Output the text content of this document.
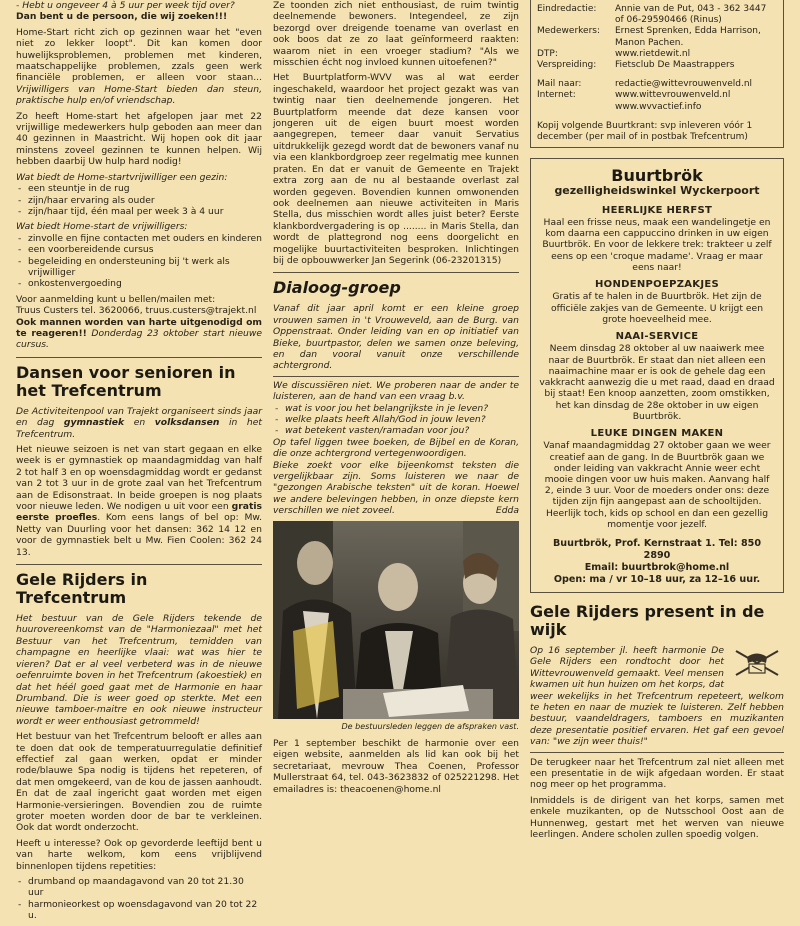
- Hebt u ongeveer 4 à 5 uur per week tijd over?

Dan bent u de persoon, die wij zoeken!!!

Home-Start richt zich op gezinnen waar het "even niet zo lekker loopt". Dit kan komen door huwelijksproblemen, problemen met kinderen, maatschappelijke problemen, zzals geen werk financiële problemen, er alleen voor staan... Vrijwilligers van Home-Start bieden dan steun, praktische hulp en/of vriendschap.

Zo heeft Home-start het afgelopen jaar met 22 vrijwillige medewerkers hulp geboden aan meer dan 40 gezinnen in Maastricht. Wij hopen ook dit jaar minstens zoveel gezinnen te kunnen helpen. Wij hebben daarbij Uw hulp hard nodig!

Wat biedt de Home-startvrijwilliger een gezin:
- een steuntje in de rug
- zijn/haar ervaring als ouder
- zijn/haar tijd, één maal per week 3 à 4 uur
Wat biedt Home-start de vrijwilligers:
- zinvolle en fijne contacten met ouders en kinderen
- een voorbereidende cursus
- begeleiding en ondersteuning bij 't werk als vrijwilliger
- onkostenvergoeding
Voor aanmelding kunt u bellen/mailen met:
Truus Custers tel. 3620066, truus.custers@trajekt.nl

Ook mannen worden van harte uitgenodigd om te reageren!! Donderdag 23 oktober start nieuwe cursus.

Dansen voor senioren in het Trefcentrum

De Activiteitenpool van Trajekt organiseert sinds jaar en dag gymnastiek en volksdansen in het Trefcentrum.

Het nieuwe seizoen is net van start gegaan en elke week is er gymnastiek op maandagmiddag van half 2 tot half 3 en op woensdagmiddag wordt er gedanst van 2 tot 3 uur in de grote zaal van het Trefcentrum aan de Edisonstraat. In beide groepen is nog plaats voor nieuwe leden. We nodigen u uit voor een gratis eerste proefles. Kom eens langs of bel op: Mw. Netty van Duurling voor het dansen: 362 14 12 en voor de gymnastiek belt u Mw. Fien Coolen: 362 24 13.

Gele Rijders in Trefcentrum

Het bestuur van de Gele Rijders tekende de huurovereenkomst van de "Harmoniezaal" met het Bestuur van het Trefcentrum, temidden van champagne en heerlijke vlaai: wat was hier te vieren? Dat er al veel verbeterd was in de nieuwe oefenruimte boven in het Trefcentrum (akoestiek) en dat het héél goed gaat met de Harmonie en haar Drumband. Die is weer goed op sterkte. Met een nieuwe tamboer-maitre en ook nieuwe instructeur wordt er weer enthousiast getrommeld!

Het bestuur van het Trefcentrum belooft er alles aan te doen dat ook de temperatuurregulatie definitief effectief zal gaan werken, opdat er minder rode/blauwe Spa nodig is tijdens het repeteren, of dat men omgekeerd, van de kou de jassen aanhoudt. En dat de zaal ingericht gaat worden met eigen Harmonie-versieringen. Bovendien zou de ruimte groter moeten worden door de bar te verkleinen. Ook dat wordt onderzocht.

Heeft u interesse? Ook op gevorderde leeftijd bent u van harte welkom, kom eens vrijblijvend binnenlopen tijdens repetities:

- drumband op maandagavond van 20 tot 21.30 uur
- harmonieorkest op woensdagavond van 20 tot 22 u.

Ze toonden zich niet enthousiast, de ruim twintig deelnemende bewoners. Integendeel, ze zijn bezorgd over dreigende toename van overlast en ook boos dat ze zo laat geïnformeerd raakten: waarom niet in een vroeger stadium? "Als we misschien écht nog invloed kunnen uitoefenen?"

Het Buurtplatform-WVV was al wat eerder ingeschakeld, waardoor het project gezakt was van twintig naar tien deelnemende jongeren. Het Buurtplatform meende dat deze kansen voor jongeren uit de eigen buurt moest worden aangegrepen, temeer daar vanuit Servatius uitdrukkelijk gezegd wordt dat de bewoners vanaf nu via een klankbordgroep zeer regelmatig mee kunnen praten. En dat er vanuit de Gemeente en Trajekt extra zorg aan de nu al bestaande overlast zal worden gegeven. Bovendien kunnen omwonenden ook deelnemen aan nieuwe activiteiten in Maris Stella, dus misschien wordt alles juist beter? Eerste klankbordvergadering is op ........ in Maris Stella, dan wordt de plattegrond nog eens doorgelicht en mogelijke buurtactiviteiten besproken. Inlichtingen bij de opbouwwerker Jan Segerink (06-23201315)

Dialoog-groep

Vanaf dit jaar april komt er een kleine groep vrouwen samen in 't Vrouweveld, aan de Burg. van Oppenstraat. Onder leiding van en op initiatief van Bieke, buurtpastor, delen we samen onze beleving, en dan vooral vanuit onze verschillende achtergrond.

We discussiëren niet. We proberen naar de ander te luisteren, aan de hand van een vraag b.v.

- wat is voor jou het belangrijkste in je leven?
- welke plaats heeft Allah/God in jouw leven?
- wat betekent vasten/ramadan voor jou?

Op tafel liggen twee boeken, de Bijbel en de Koran, die onze achtergrond vertegenwoordigen.

Bieke zoekt voor elke bijeenkomst teksten die vergelijkbaar zijn. Soms luisteren we naar de "gezongen Arabische teksten" uit de koran. Hoewel we andere belevingen hebben, in onze diepste kern verschillen we niet zoveel.	Edda

De bestuursleden leggen de afspraken vast.

Per 1 september beschikt de harmonie over een eigen website, aanmelden als lid kan ook bij het secretariaat, mevrouw Thea Coenen, Professor Mullerstraat 64, tel. 043-3623832 of 025221298. Het emailadres is: theacoenen@home.nl

Eindredactie:	Annie van de Put, 043 - 362 3447 of 06-29590466 (Rinus)
Medewerkers:	Ernest Sprenken, Edda Harrison, Manon Pachen.
DTP:	www.rietdewit.nl
Verspreiding:	Fietsclub De Maastrappers
Mail naar:	redactie@wittevrouwenveld.nl
Internet:	www.wittevrouwenveld.nl
www.wvvactief.info
Kopij volgende Buurtkrant: svp inleveren vóór 1 december (per mail of in postbak Trefcentrum)
Buurtbrök
gezelligheidswinkel Wyckerpoort
HEERLIJKE HERFST

Haal een frisse neus, maak een wandelingetje en kom daarna een cappuccino drinken in uw eigen Buurtbrök. En voor de lekkere trek: trakteer u zelf eens op een 'croque madame'. Vraag er maar eens naar!

HONDENPOEPZAKJES

Gratis af te halen in de Buurtbrök. Het zijn de officiële zakjes van de Gemeente. U krijgt een grote hoeveelheid mee.

NAAI-SERVICE

Neem dinsdag 28 oktober al uw naaiwerk mee naar de Buurtbrök. Er staat dan niet alleen een naaimachine maar er is ook de gehele dag een vakkracht aanwezig die u met raad, daad en draad bij staat! Een knoop aanzetten, zoom omstikken, het kan dinsdag de 28e oktober in uw eigen Buurtbrök.

LEUKE DINGEN MAKEN

Vanaf maandagmiddag 27 oktober gaan we weer creatief aan de gang. In de Buurtbrök gaan we onder leiding van vakkracht Annie weer echt mooie dingen voor uw huis maken. Aanvang half 2, einde 3 uur. Voor de moeders onder ons: deze tijden zijn fijn aangepast aan de schooltijden. Heerlijk toch, kids op school en dan een gezellig momentje voor jezelf.

Buurtbrök, Prof. Kernstraat 1. Tel: 850 2890
Email: buurtbrok@home.nl
Open: ma / vr 10–18 uur, za 12–16 uur.
Gele Rijders present in de wijk

Op 16 september jl. heeft harmonie De Gele Rijders een rondtocht door het Wittevrouwenveld gemaakt. Veel mensen kwamen uit hun huizen om het korps, dat weer wekelijks in het Trefcentrum repeteert, welkom te heten en naar de muziek te luisteren. Zelf hebben bestuur, vaandeldragers, tamboers en muzikanten deze presentatie positief ervaren. Het gaf een gevoel van: "we zijn weer thuis!"

De terugkeer naar het Trefcentrum zal niet alleen met een presentatie in de wijk afgedaan worden. Er staat nog meer op het programma.

Inmiddels is de dirigent van het korps, samen met enkele muzikanten, op de Nutsschool Oost aan de Hunnenweg, gestart met het werven van nieuwe leerlingen. Andere scholen zullen spoedig volgen.
